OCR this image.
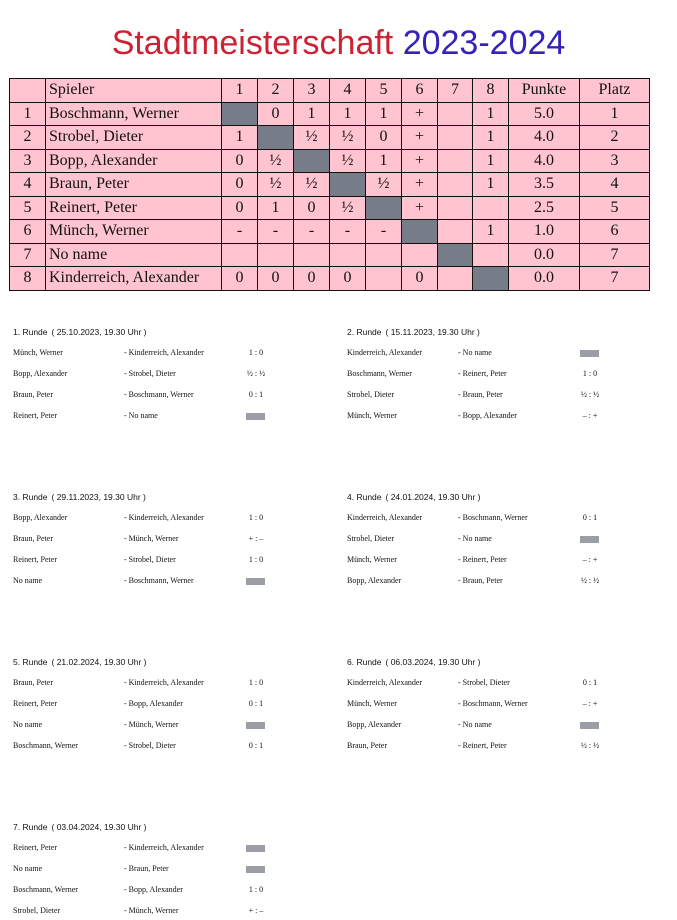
Stadtmeisterschaft 2023-2024
	Spieler	1	2	3	4	5	6	7	8	Punkte	Platz
1	Boschmann, Werner		0	1	1	1	+		1	5.0	1
2	Strobel, Dieter	1		½	½	0	+		1	4.0	2
3	Bopp, Alexander	0	½		½	1	+		1	4.0	3
4	Braun, Peter	0	½	½		½	+		1	3.5	4
5	Reinert, Peter	0	1	0	½		+			2.5	5
6	Münch, Werner	-	-	-	-	-			1	1.0	6
7	No name									0.0	7
8	Kinderreich, Alexander	0	0	0	0		0			0.0	7
1. Runde ( 25.10.2023, 19.30 Uhr )
Münch, Werner	- Kinderreich, Alexander	1 : 0
Bopp, Alexander	- Strobel, Dieter	½ : ½
Braun, Peter	- Boschmann, Werner	0 : 1
Reinert, Peter	- No name
2. Runde ( 15.11.2023, 19.30 Uhr )
Kinderreich, Alexander	- No name
Boschmann, Werner	- Reinert, Peter	1 : 0
Strobel, Dieter	- Braun, Peter	½ : ½
Münch, Werner	- Bopp, Alexander	– : +
3. Runde ( 29.11.2023, 19.30 Uhr )
Bopp, Alexander	- Kinderreich, Alexander	1 : 0
Braun, Peter	- Münch, Werner	+ : –
Reinert, Peter	- Strobel, Dieter	1 : 0
No name	- Boschmann, Werner
4. Runde ( 24.01.2024, 19.30 Uhr )
Kinderreich, Alexander	- Boschmann, Werner	0 : 1
Strobel, Dieter	- No name
Münch, Werner	- Reinert, Peter	– : +
Bopp, Alexander	- Braun, Peter	½ : ½
5. Runde ( 21.02.2024, 19.30 Uhr )
Braun, Peter	- Kinderreich, Alexander	1 : 0
Reinert, Peter	- Bopp, Alexander	0 : 1
No name	- Münch, Werner
Boschmann, Werner	- Strobel, Dieter	0 : 1
6. Runde ( 06.03.2024, 19.30 Uhr )
Kinderreich, Alexander	- Strobel, Dieter	0 : 1
Münch, Werner	- Boschmann, Werner	– : +
Bopp, Alexander	- No name
Braun, Peter	- Reinert, Peter	½ : ½
7. Runde ( 03.04.2024, 19.30 Uhr )
Reinert, Peter	- Kinderreich, Alexander
No name	- Braun, Peter
Boschmann, Werner	- Bopp, Alexander	1 : 0
Strobel, Dieter	- Münch, Werner	+ : –
